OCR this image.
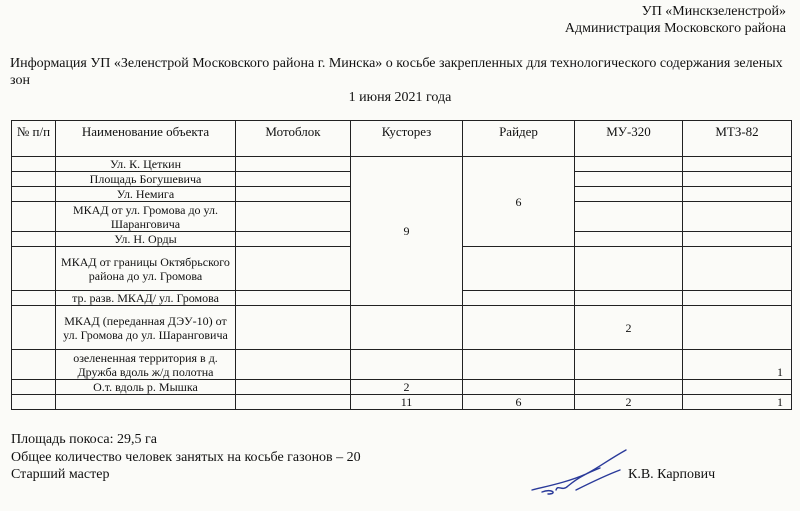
УП «Минскзеленстрой»
Администрация Московского района
Информация УП «Зеленстрой Московского района г. Минска» о косьбе закрепленных для технологического содержания зеленых зон
1 июня 2021 года
№ п/п	Наименование объекта	Мотоблок	Кусторез	Райдер	МУ-320	МТЗ-82
	Ул. К. Цеткин		9	6		
	Площадь Богушевича					
	Ул. Немига					
	МКАД от ул. Громова до ул. Шаранговича					
	Ул. Н. Орды					
	МКАД от границы Октябрьского района до ул. Громова					
	тр. разв. МКАД/ ул. Громова					
	МКАД (переданная ДЭУ-10) от ул. Громова до ул. Шаранговича				2	
	озелененная территория в д. Дружба вдоль ж/д полотна					1
	О.т. вдоль р. Мышка		2			
			11	6	2	1
Площадь покоса: 29,5 га
Общее количество человек занятых на косьбе газонов – 20
Старший мастер	К.В. Карпович
